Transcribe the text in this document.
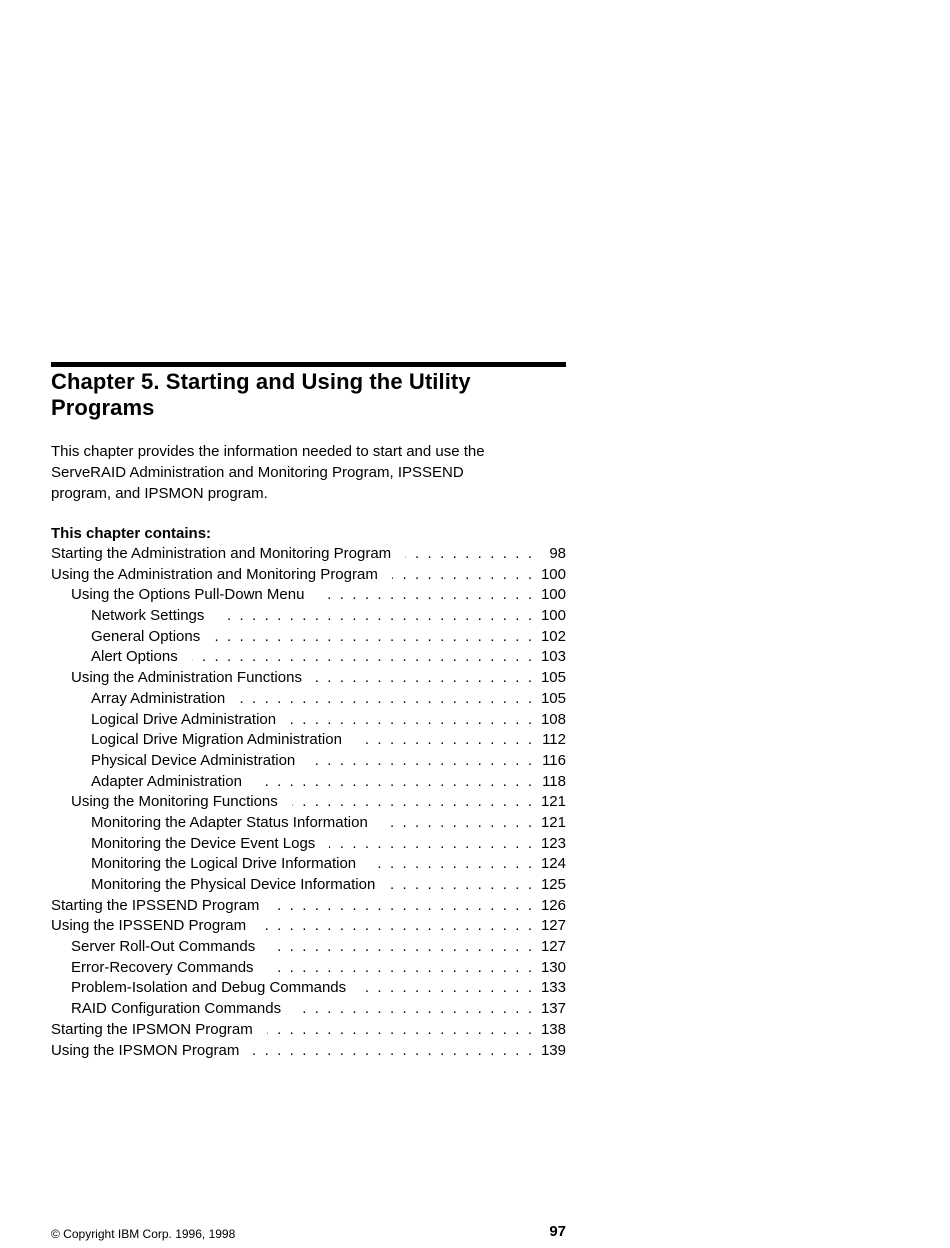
Chapter 5. Starting and Using the Utility Programs

This chapter provides the information needed to start and use the
ServeRAID Administration and Monitoring Program, IPSSEND
program, and IPSMON program.

This chapter contains:
Starting the Administration and Monitoring Program . . .	98
Using the Administration and Monitoring Program . . .	100
Using the Options Pull-Down Menu . . .	100
Network Settings . . .	100
General Options . . .	102
Alert Options . . .	103
Using the Administration Functions . . .	105
Array Administration . . .	105
Logical Drive Administration . . .	108
Logical Drive Migration Administration . . .	112
Physical Device Administration . . .	116
Adapter Administration . . .	118
Using the Monitoring Functions . . .	121
Monitoring the Adapter Status Information . . .	121
Monitoring the Device Event Logs . . .	123
Monitoring the Logical Drive Information . . .	124
Monitoring the Physical Device Information . . .	125
Starting the IPSSEND Program . . .	126
Using the IPSSEND Program . . .	127
Server Roll-Out Commands . . .	127
Error-Recovery Commands . . .	130
Problem-Isolation and Debug Commands . . .	133
RAID Configuration Commands . . .	137
Starting the IPSMON Program . . .	138
Using the IPSMON Program . . .	139
© Copyright IBM Corp. 1996, 1998	97
